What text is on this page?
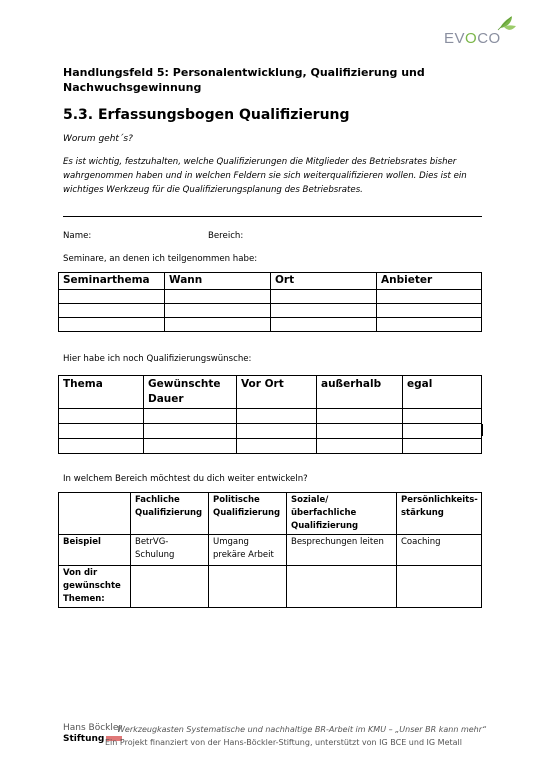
EVOCO
Handlungsfeld 5: Personalentwicklung, Qualifizierung und Nachwuchsgewinnung
5.3. Erfassungsbogen Qualifizierung
Worum geht´s?
Es ist wichtig, festzuhalten, welche Qualifizierungen die Mitglieder des Betriebsrates bisher wahrgenommen haben und in welchen Feldern sie sich weiterqualifizieren wollen. Dies ist ein wichtiges Werkzeug für die Qualifizierungsplanung des Betriebsrates.
Name:	Bereich:
Seminare, an denen ich teilgenommen habe:
Seminarthema	Wann	Ort	Anbieter

Hier habe ich noch Qualifizierungswünsche:
Thema	Gewünschte Dauer	Vor Ort	außerhalb	egal

In welchem Bereich möchtest du dich weiter entwickeln?
	Fachliche Qualifizierung	Politische Qualifizierung	Soziale/überfachliche Qualifizierung	Persönlichkeits-stärkung
Beispiel	BetrVG-Schulung	Umgang prekäre Arbeit	Besprechungen leiten	Coaching
Von dir gewünschte Themen:				
Hans Böckler
Stiftung
Werkzeugkasten Systematische und nachhaltige BR-Arbeit im KMU – „Unser BR kann mehr“
Ein Projekt finanziert von der Hans-Böckler-Stiftung, unterstützt von IG BCE und IG Metall
